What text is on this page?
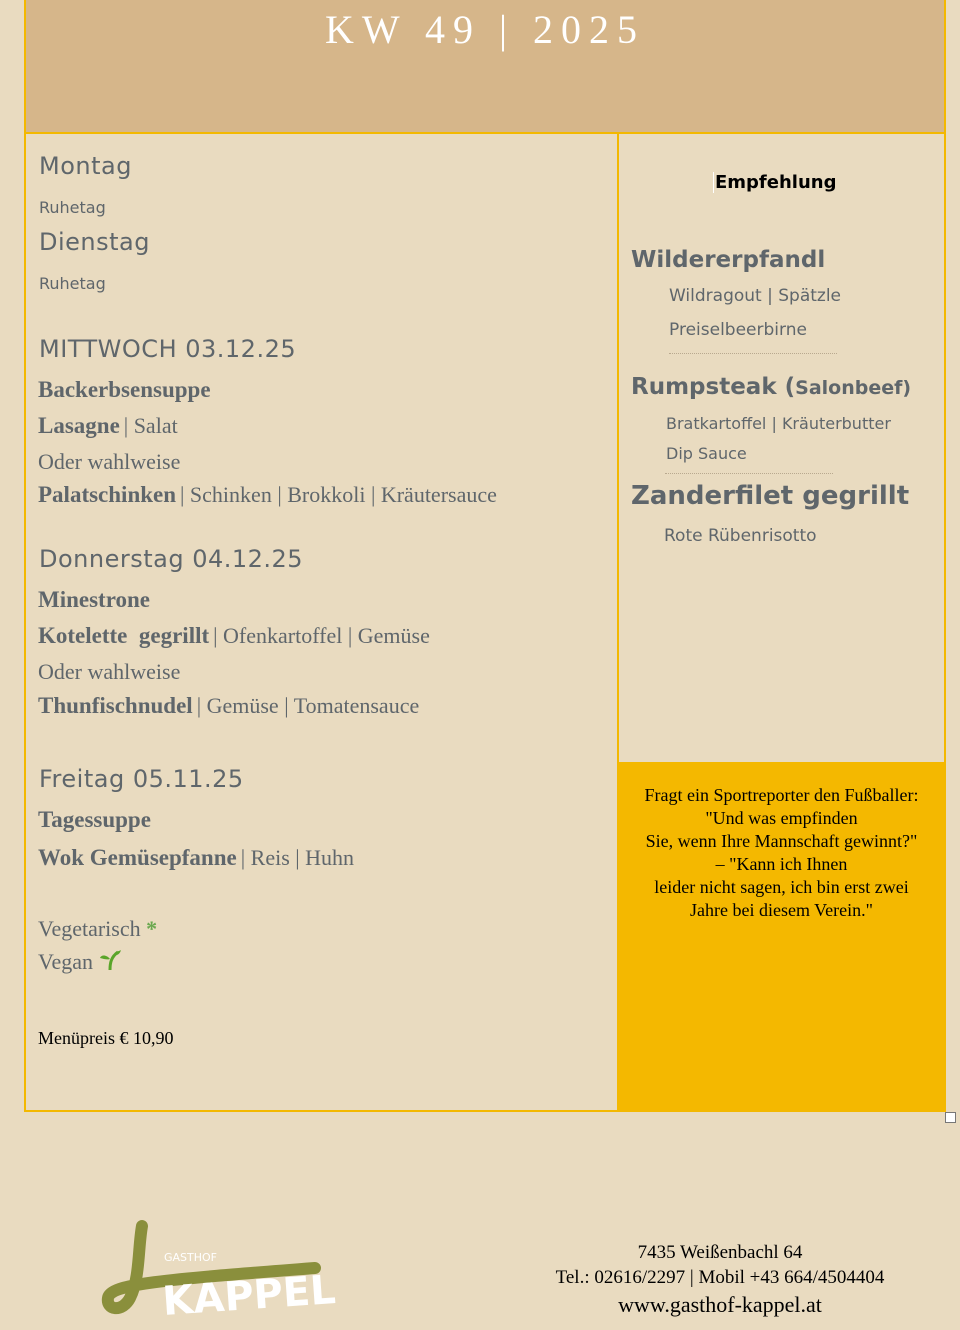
KW 49 | 2025
Montag
Ruhetag
Dienstag
Ruhetag
MITTWOCH 03.12.25
Backerbsensuppe
Lasagne | Salat
Oder wahlweise
Palatschinken | Schinken | Brokkoli | Kräutersauce
Donnerstag 04.12.25
Minestrone
Kotelette  gegrillt | Ofenkartoffel | Gemüse
Oder wahlweise
Thunfischnudel | Gemüse | Tomatensauce
Freitag 05.11.25
Tagessuppe
Wok Gemüsepfanne | Reis | Huhn
Vegetarisch *
Vegan
Menüpreis € 10,90
Empfehlung
Wildererpfandl
Wildragout | Spätzle
Preiselbeerbirne
Rumpsteak (Salonbeef)
Bratkartoffel | Kräuterbutter
Dip Sauce
Zanderfilet gegrillt
Rote Rübenrisotto
Fragt ein Sportreporter den Fußballer:
"Und was empfinden
Sie, wenn Ihre Mannschaft gewinnt?"
– "Kann ich Ihnen
leider nicht sagen, ich bin erst zwei
Jahre bei diesem Verein."
GASTHOF
KAPPEL
7435 Weißenbachl 64
Tel.: 02616/2297 | Mobil +43 664/4504404
www.gasthof-kappel.at
